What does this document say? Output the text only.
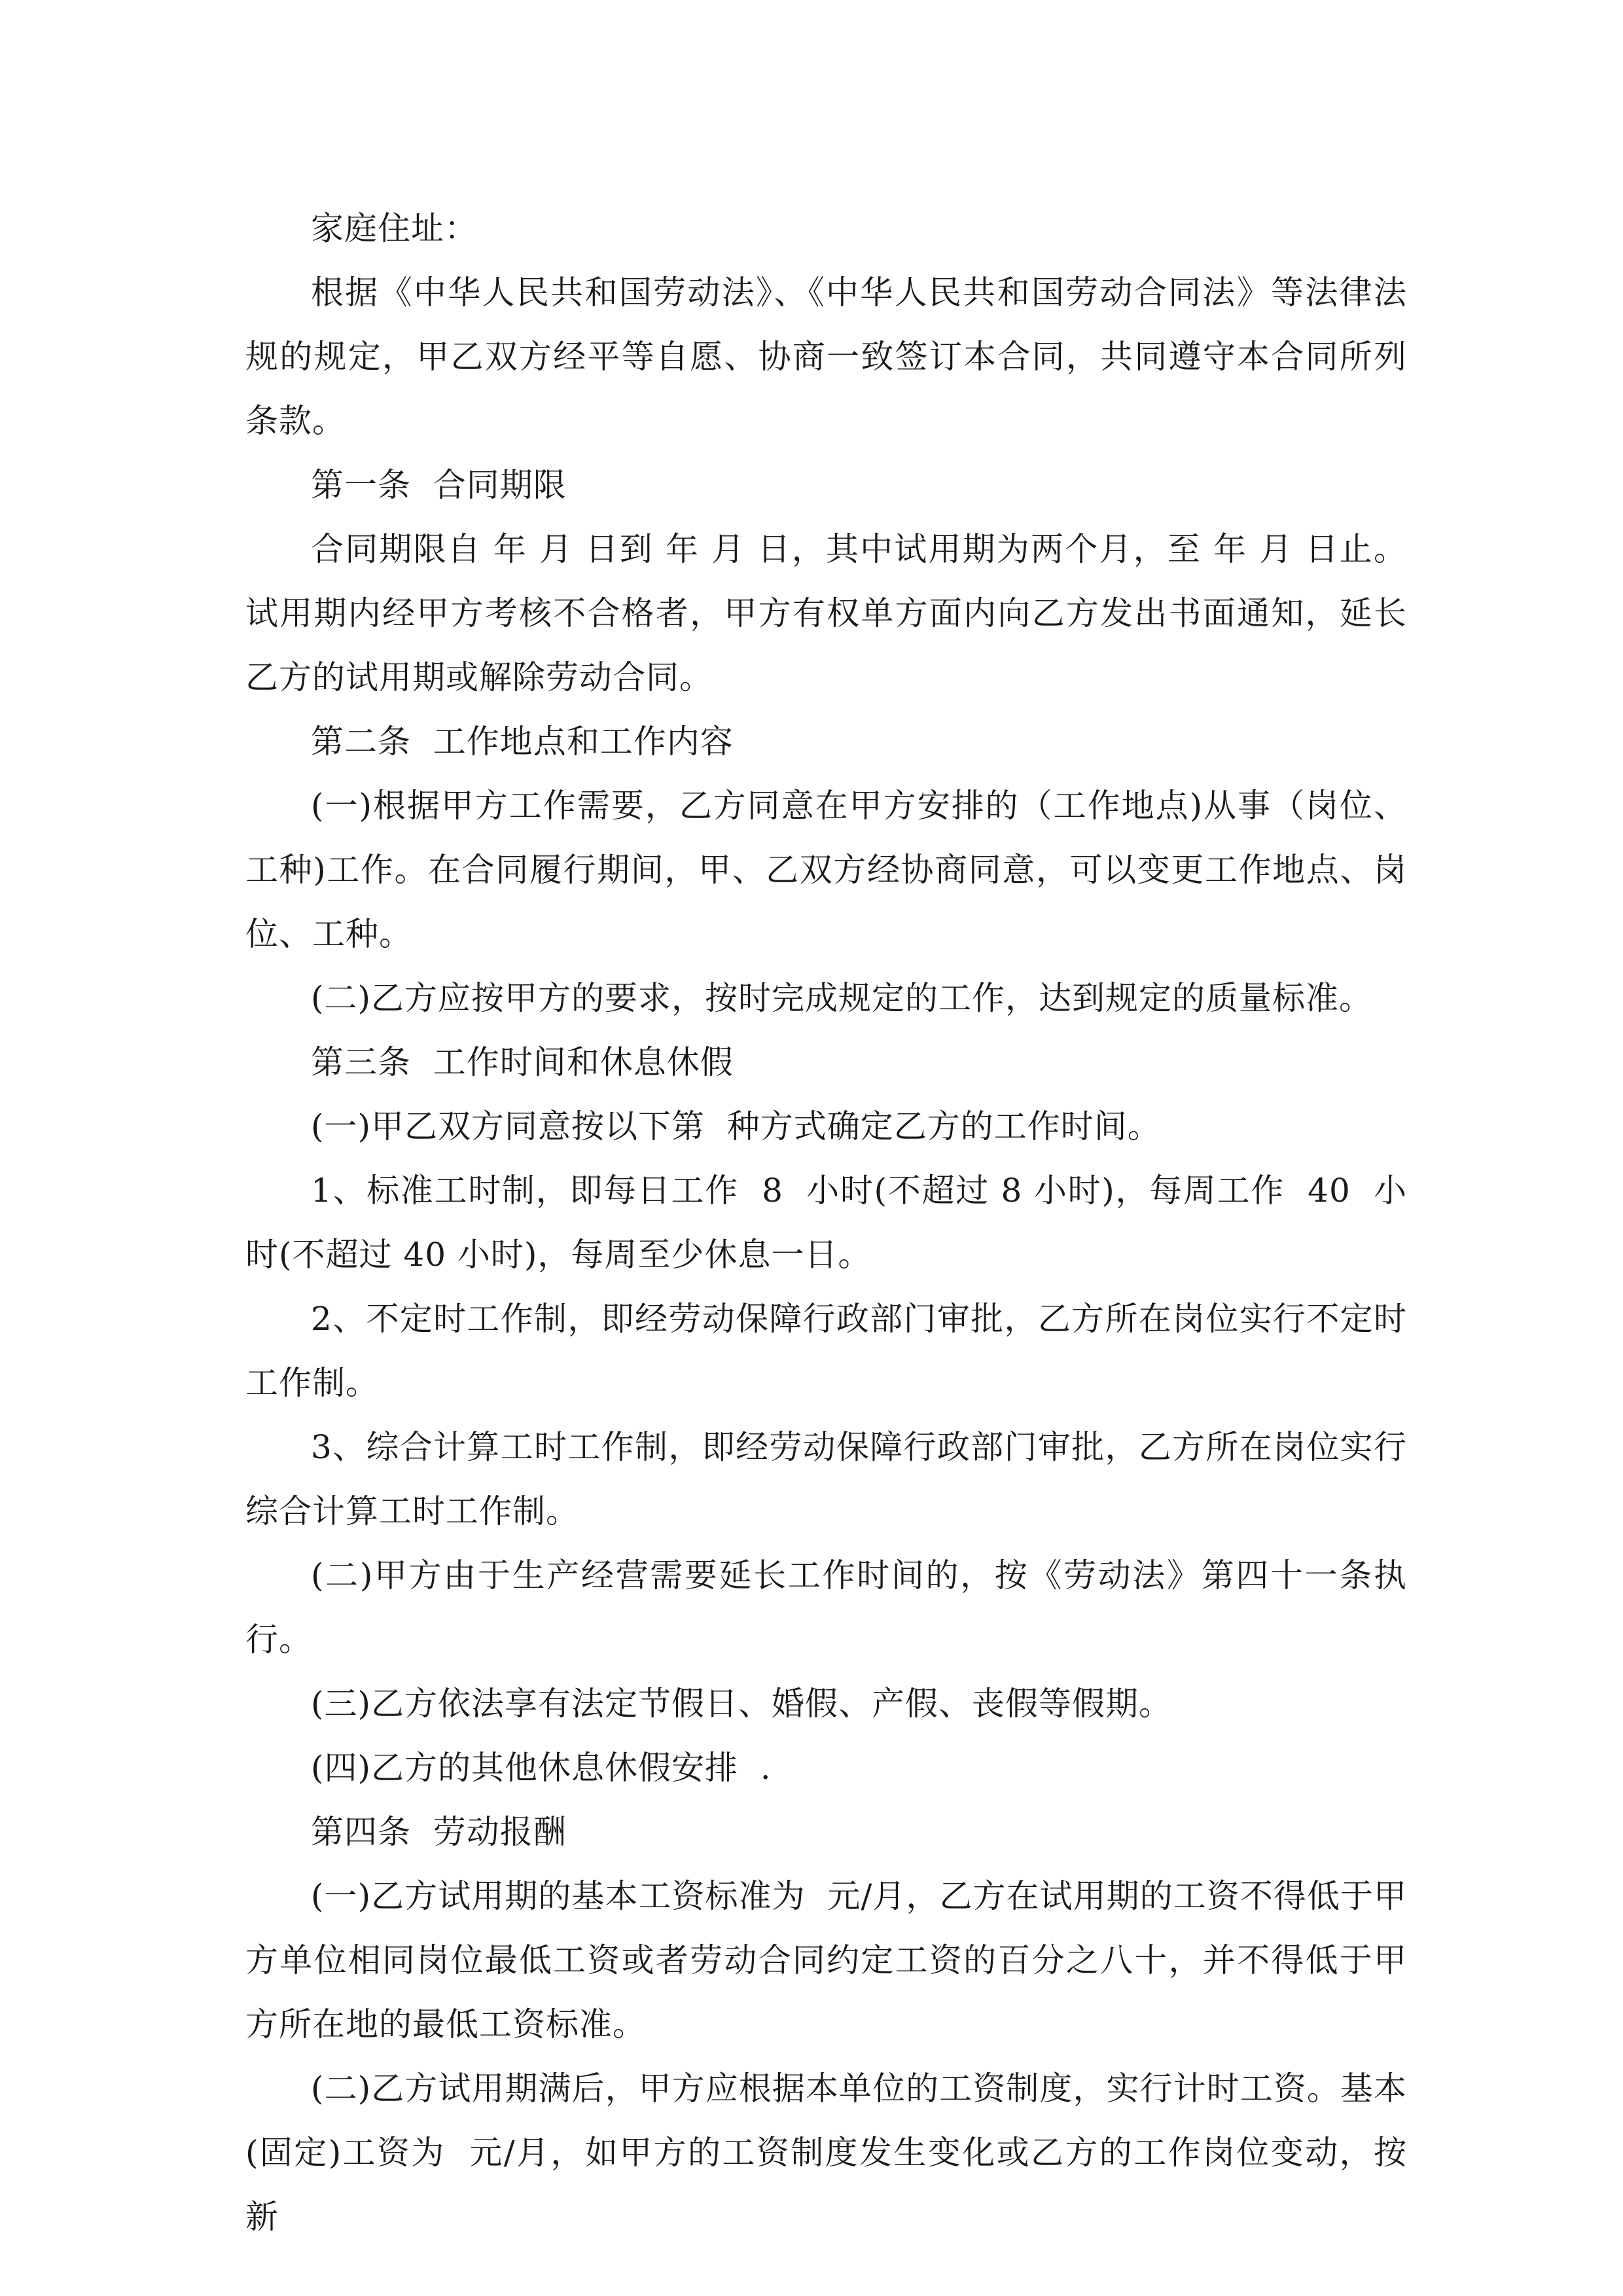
家庭住址：

根据《中华人民共和国劳动法》、《中华人民共和国劳动合同法》等法律法规的规定，甲乙双方经平等自愿、协商一致签订本合同，共同遵守本合同所列条款。

第一条  合同期限

合同期限自 年 月 日到 年 月 日，其中试用期为两个月，至 年 月 日止。试用期内经甲方考核不合格者，甲方有权单方面内向乙方发出书面通知，延长乙方的试用期或解除劳动合同。

第二条  工作地点和工作内容

(一)根据甲方工作需要，乙方同意在甲方安排的（工作地点)从事（岗位、工种)工作。在合同履行期间，甲、乙双方经协商同意，可以变更工作地点、岗位、工种。

(二)乙方应按甲方的要求，按时完成规定的工作，达到规定的质量标准。

第三条  工作时间和休息休假

(一)甲乙双方同意按以下第  种方式确定乙方的工作时间。

1、标准工时制，即每日工作  8  小时(不超过 8 小时)，每周工作  40  小时(不超过 40 小时)，每周至少休息一日。

2、不定时工作制，即经劳动保障行政部门审批，乙方所在岗位实行不定时工作制。

3、综合计算工时工作制，即经劳动保障行政部门审批，乙方所在岗位实行综合计算工时工作制。

(二)甲方由于生产经营需要延长工作时间的，按《劳动法》第四十一条执行。

(三)乙方依法享有法定节假日、婚假、产假、丧假等假期。

(四)乙方的其他休息休假安排  .

第四条  劳动报酬

(一)乙方试用期的基本工资标准为  元/月，乙方在试用期的工资不得低于甲方单位相同岗位最低工资或者劳动合同约定工资的百分之八十，并不得低于甲方所在地的最低工资标准。

(二)乙方试用期满后，甲方应根据本单位的工资制度，实行计时工资。基本(固定)工资为  元/月，如甲方的工资制度发生变化或乙方的工作岗位变动，按新
